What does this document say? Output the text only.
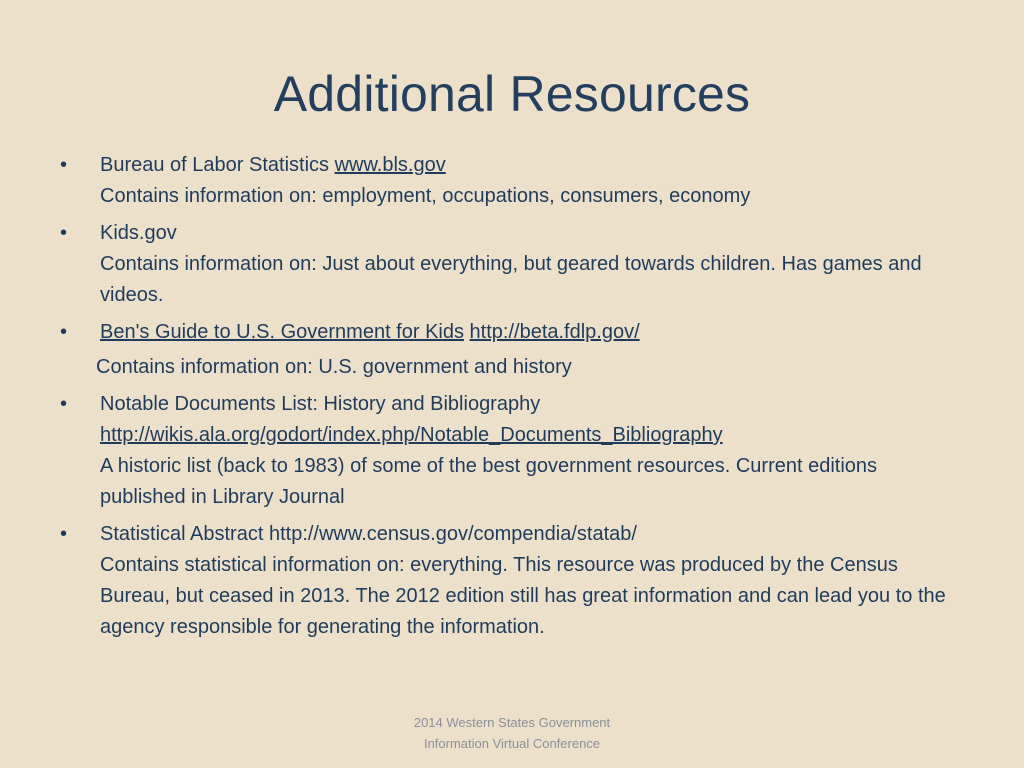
Additional Resources
•	Bureau of Labor Statistics www.bls.gov
Contains information on: employment, occupations, consumers, economy
•	Kids.gov
Contains information on: Just about everything, but geared towards children. Has games and videos.
•	Ben's Guide to U.S. Government for Kids http://beta.fdlp.gov/
Contains information on: U.S. government and history
•	Notable Documents List: History and Bibliography
http://wikis.ala.org/godort/index.php/Notable_Documents_Bibliography
A historic list (back to 1983) of some of the best government resources. Current editions published in Library Journal
•	Statistical Abstract http://www.census.gov/compendia/statab/
Contains statistical information on: everything. This resource was produced by the Census Bureau, but ceased in 2013. The 2012 edition still has great information and can lead you to the agency responsible for generating the information.
2014 Western States Government
Information Virtual Conference
